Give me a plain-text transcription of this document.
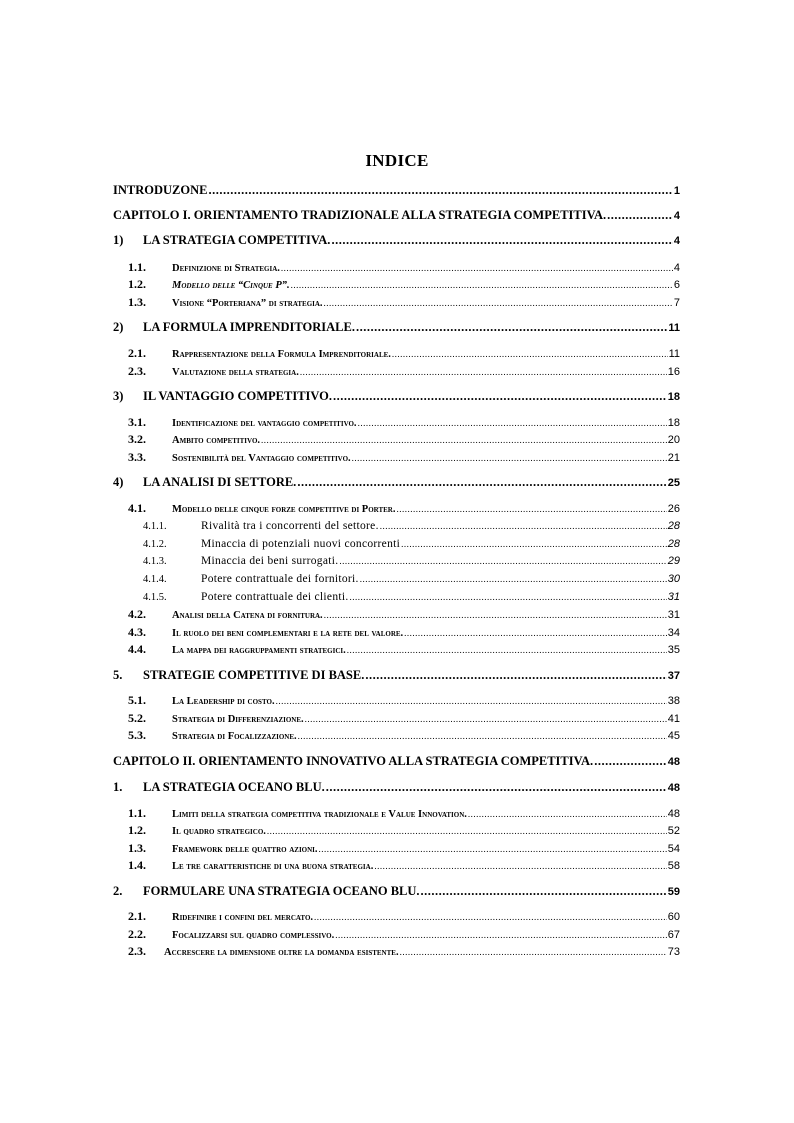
INDICE
INTRODUZONE .....	1
CAPITOLO I. ORIENTAMENTO TRADIZIONALE ALLA STRATEGIA COMPETITIVA. .....	4
1)	LA STRATEGIA COMPETITIVA. .....	4
1.1.	Definizione di Strategia. .....	4
1.2.	Modello delle “Cinque P”. .....	6
1.3.	Visione “Porteriana” di strategia. .....	7
2)	LA FORMULA IMPRENDITORIALE. .....	11
2.1.	Rappresentazione della Formula Imprenditoriale. .....	11
2.3.	Valutazione della strategia. .....	16
3)	IL VANTAGGIO COMPETITIVO. .....	18
3.1.	Identificazione del vantaggio competitivo. .....	18
3.2.	Ambito competitivo. .....	20
3.3.	Sostenibilità del Vantaggio competitivo. .....	21
4)	LA ANALISI DI SETTORE. .....	25
4.1.	Modello delle cinque forze competitive di Porter. .....	26
4.1.1.	Rivalità tra i concorrenti del settore. .....	28
4.1.2.	Minaccia di potenziali nuovi concorrenti .....	28
4.1.3.	Minaccia dei beni surrogati. .....	29
4.1.4.	Potere contrattuale dei fornitori. .....	30
4.1.5.	Potere contrattuale dei clienti. .....	31
4.2.	Analisi della Catena di fornitura. .....	31
4.3.	Il ruolo dei beni complementari e la rete del valore. .....	34
4.4.	La mappa dei raggruppamenti strategici. .....	35
5.	STRATEGIE COMPETITIVE DI BASE. .....	37
5.1.	La Leadership di costo. .....	38
5.2.	Strategia di Differenziazione. .....	41
5.3.	Strategia di Focalizzazione. .....	45
CAPITOLO II. ORIENTAMENTO INNOVATIVO ALLA STRATEGIA COMPETITIVA. .....	48
1.	LA STRATEGIA OCEANO BLU. .....	48
1.1.	Limiti della strategia competitiva tradizionale e Value Innovation. .....	48
1.2.	Il quadro strategico. .....	52
1.3.	Framework delle quattro azioni. .....	54
1.4.	Le tre caratteristiche di una buona strategia. .....	58
2.	FORMULARE UNA STRATEGIA OCEANO BLU. .....	59
2.1.	Ridefinire i confini del mercato. .....	60
2.2.	Focalizzarsi sul quadro complessivo. .....	67
2.3.	Accrescere la dimensione oltre la domanda esistente. .....	73
